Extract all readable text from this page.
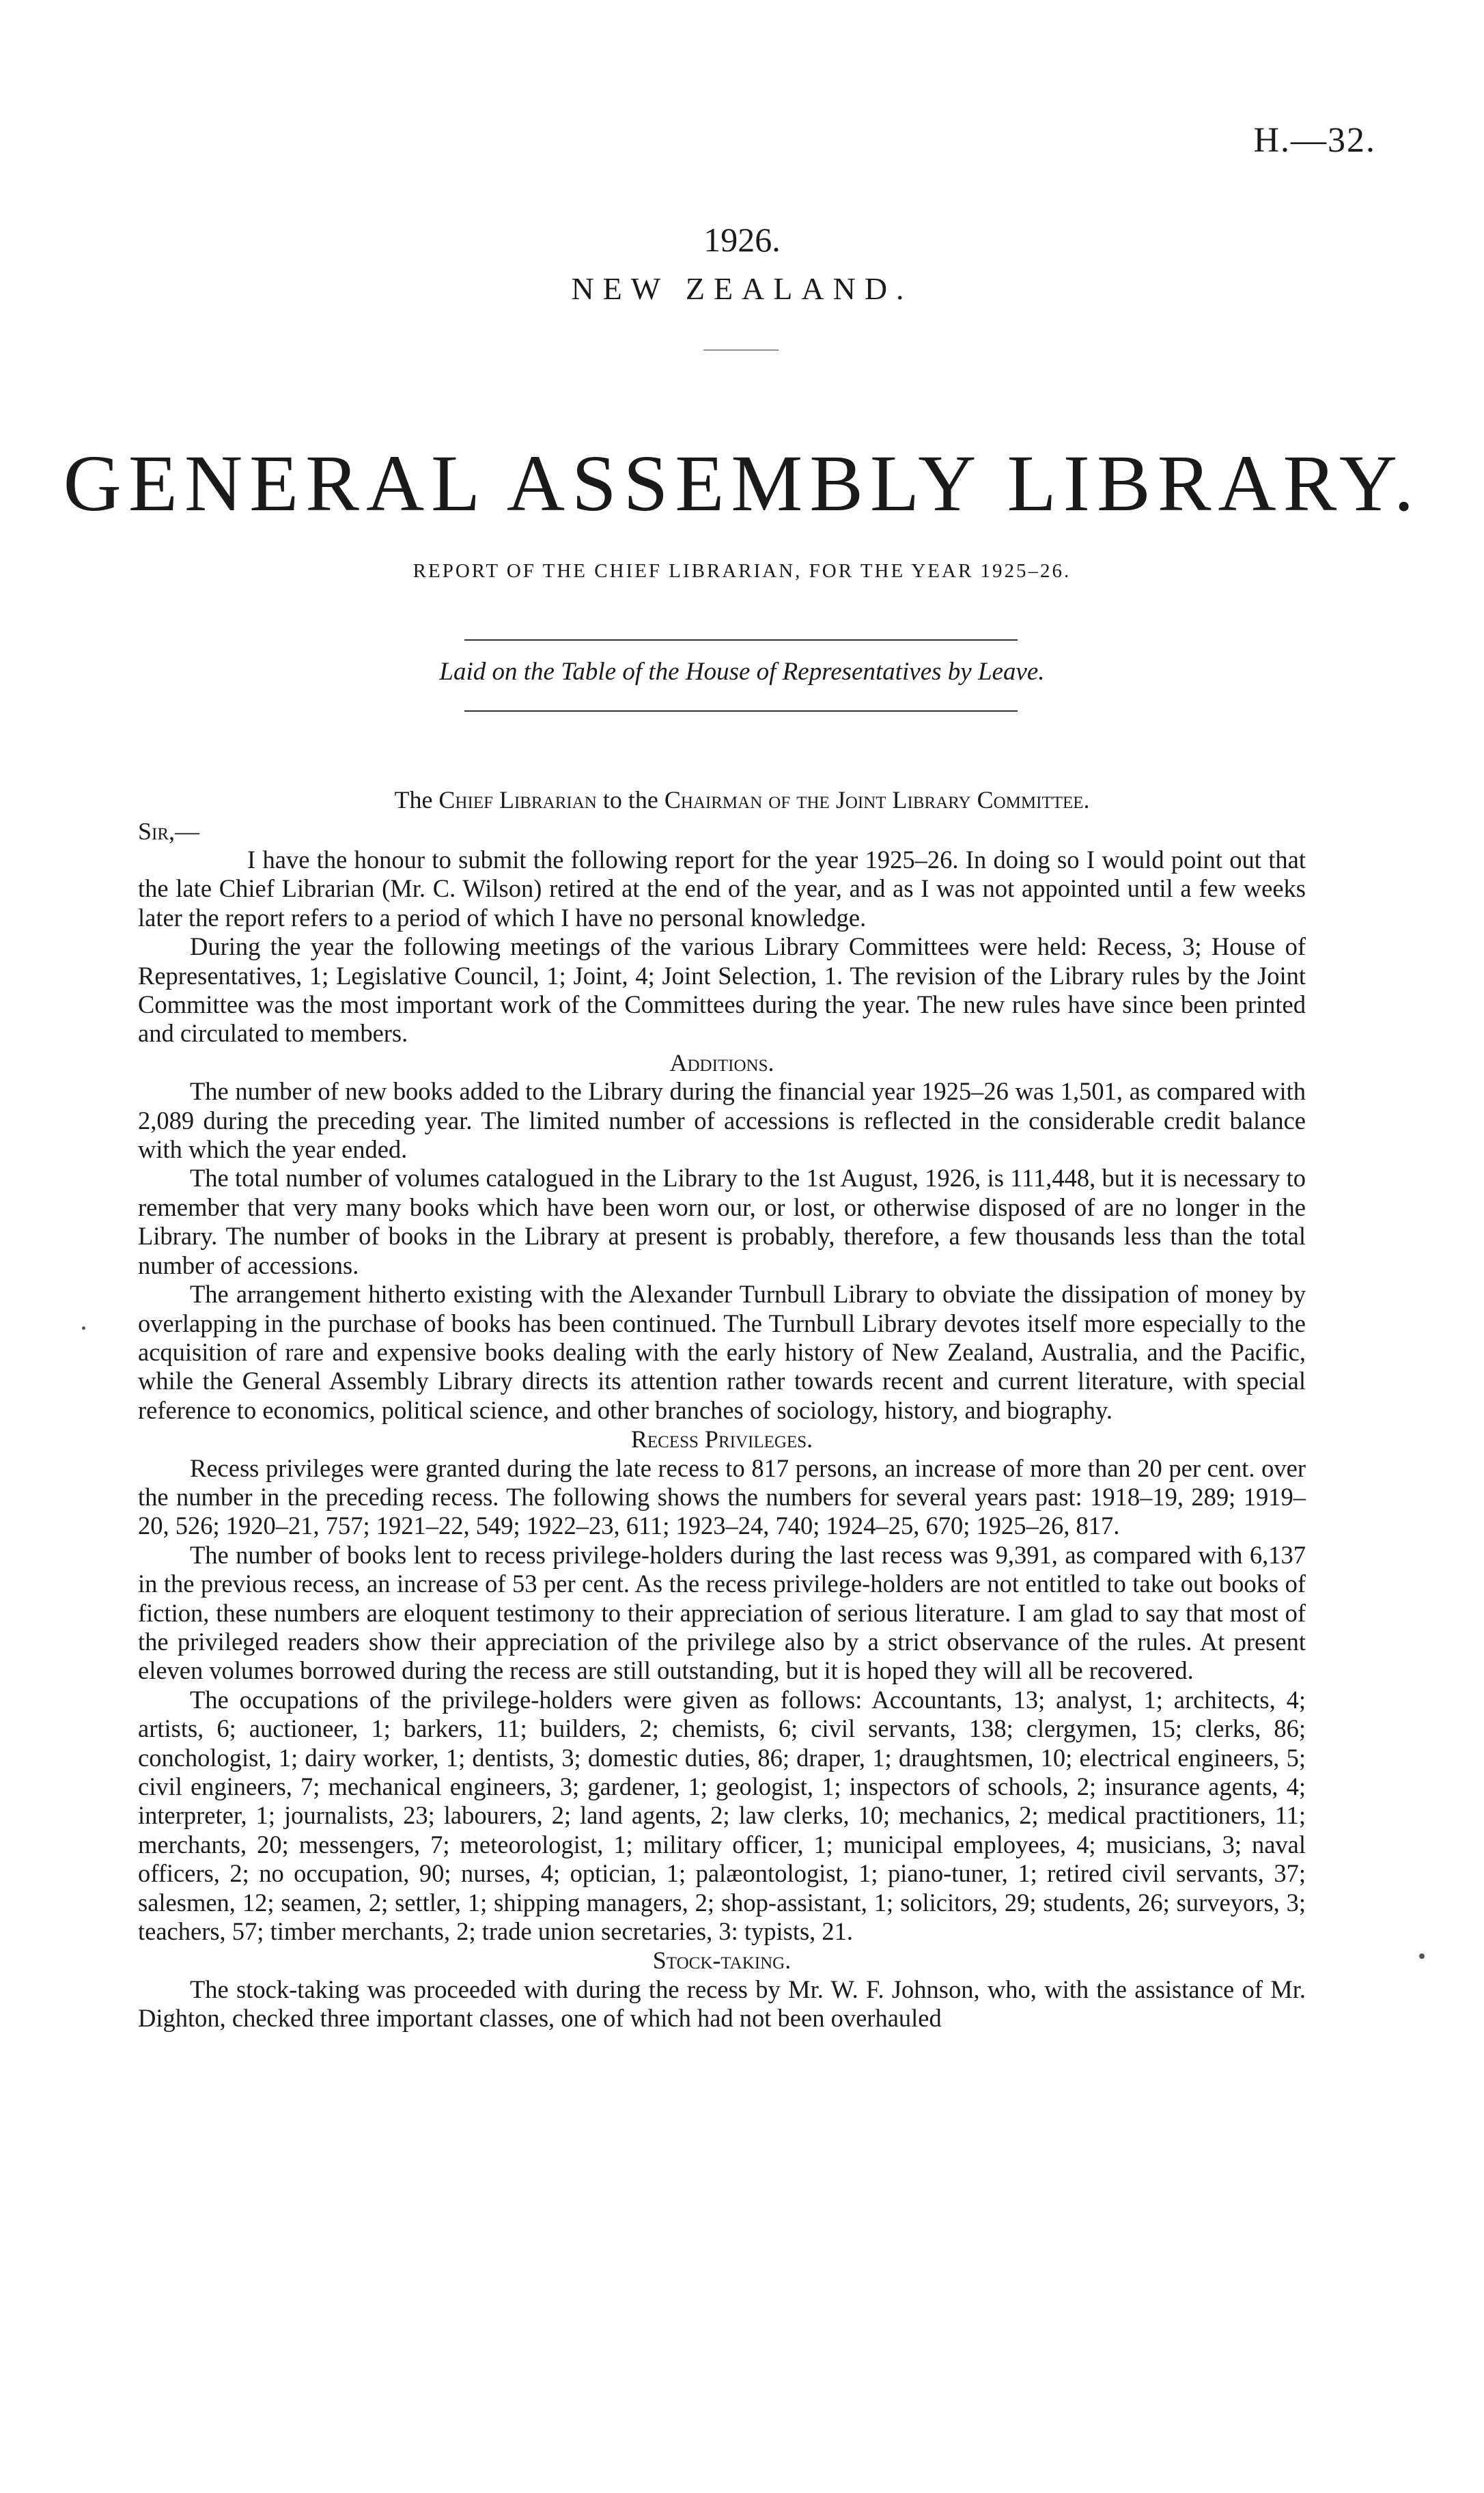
H.—32.
1926.
NEW ZEALAND.
GENERAL ASSEMBLY LIBRARY.
REPORT OF THE CHIEF LIBRARIAN, FOR THE YEAR 1925–26.
Laid on the Table of the House of Representatives by Leave.
The Chief Librarian to the Chairman of the Joint Library Committee.
Sir,—

I have the honour to submit the following report for the year 1925–26. In doing so I would point out that the late Chief Librarian (Mr. C. Wilson) retired at the end of the year, and as I was not appointed until a few weeks later the report refers to a period of which I have no personal knowledge.

During the year the following meetings of the various Library Committees were held: Recess, 3; House of Representatives, 1; Legislative Council, 1; Joint, 4; Joint Selection, 1. The revision of the Library rules by the Joint Committee was the most important work of the Committees during the year. The new rules have since been printed and circulated to members.

Additions.

The number of new books added to the Library during the financial year 1925–26 was 1,501, as compared with 2,089 during the preceding year. The limited number of accessions is reflected in the considerable credit balance with which the year ended.

The total number of volumes catalogued in the Library to the 1st August, 1926, is 111,448, but it is necessary to remember that very many books which have been worn our, or lost, or otherwise disposed of are no longer in the Library. The number of books in the Library at present is probably, therefore, a few thousands less than the total number of accessions.

The arrangement hitherto existing with the Alexander Turnbull Library to obviate the dissipation of money by overlapping in the purchase of books has been continued. The Turnbull Library devotes itself more especially to the acquisition of rare and expensive books dealing with the early history of New Zealand, Australia, and the Pacific, while the General Assembly Library directs its attention rather towards recent and current literature, with special reference to economics, political science, and other branches of sociology, history, and biography.

Recess Privileges.

Recess privileges were granted during the late recess to 817 persons, an increase of more than 20 per cent. over the number in the preceding recess. The following shows the numbers for several years past: 1918–19, 289; 1919–20, 526; 1920–21, 757; 1921–22, 549; 1922–23, 611; 1923–24, 740; 1924–25, 670; 1925–26, 817.

The number of books lent to recess privilege-holders during the last recess was 9,391, as compared with 6,137 in the previous recess, an increase of 53 per cent. As the recess privilege-holders are not entitled to take out books of fiction, these numbers are eloquent testimony to their appreciation of serious literature. I am glad to say that most of the privileged readers show their appreciation of the privilege also by a strict observance of the rules. At present eleven volumes borrowed during the recess are still outstanding, but it is hoped they will all be recovered.

The occupations of the privilege-holders were given as follows: Accountants, 13; analyst, 1; architects, 4; artists, 6; auctioneer, 1; barkers, 11; builders, 2; chemists, 6; civil servants, 138; clergymen, 15; clerks, 86; conchologist, 1; dairy worker, 1; dentists, 3; domestic duties, 86; draper, 1; draughtsmen, 10; electrical engineers, 5; civil engineers, 7; mechanical engineers, 3; gardener, 1; geologist, 1; inspectors of schools, 2; insurance agents, 4; interpreter, 1; journalists, 23; labourers, 2; land agents, 2; law clerks, 10; mechanics, 2; medical practitioners, 11; merchants, 20; messengers, 7; meteorologist, 1; military officer, 1; municipal employees, 4; musicians, 3; naval officers, 2; no occupation, 90; nurses, 4; optician, 1; palæontologist, 1; piano-tuner, 1; retired civil servants, 37; salesmen, 12; seamen, 2; settler, 1; shipping managers, 2; shop-assistant, 1; solicitors, 29; students, 26; surveyors, 3; teachers, 57; timber merchants, 2; trade union secretaries, 3: typists, 21.

Stock-taking.

The stock-taking was proceeded with during the recess by Mr. W. F. Johnson, who, with the assistance of Mr. Dighton, checked three important classes, one of which had not been overhauled
